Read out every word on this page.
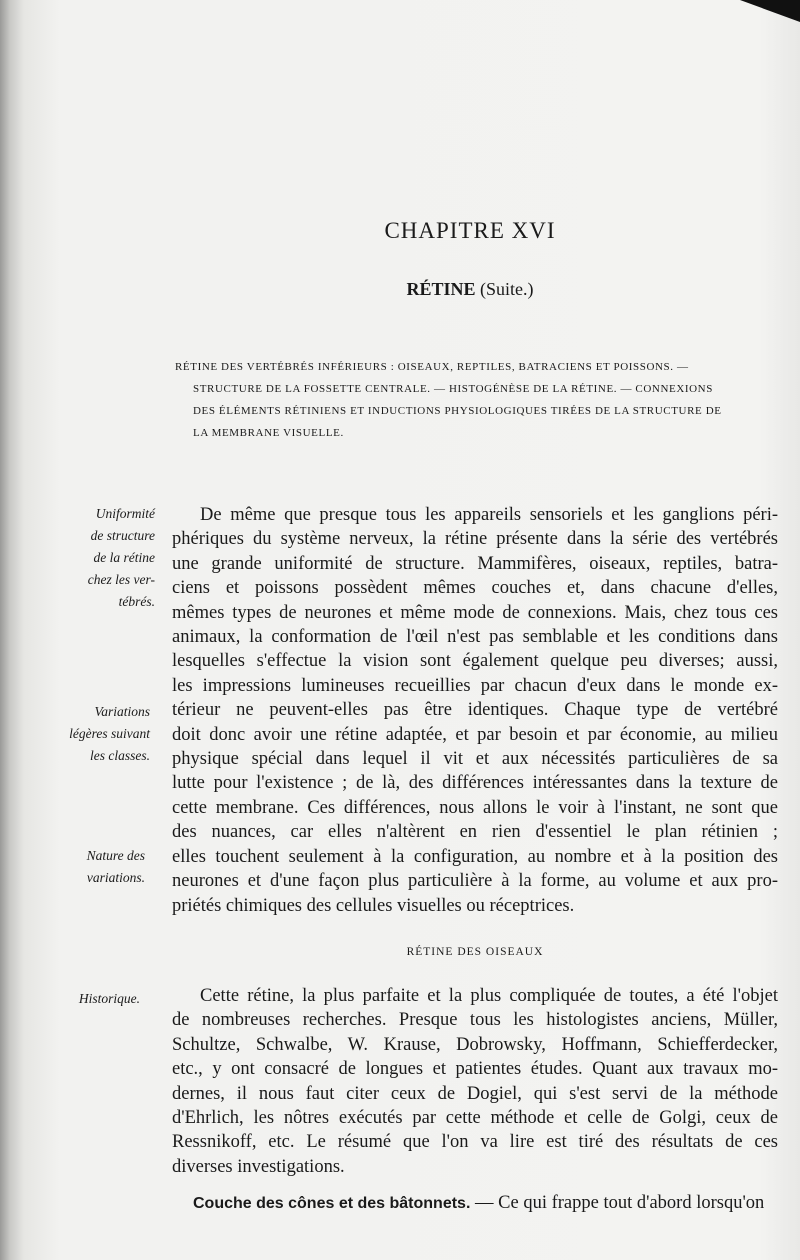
CHAPITRE XVI
RÉTINE (Suite.)
RÉTINE DES VERTÉBRÉS INFÉRIEURS : OISEAUX, REPTILES, BATRACIENS ET POISSONS. —
STRUCTURE DE LA FOSSETTE CENTRALE. — HISTOGÉNÈSE DE LA RÉTINE. — CONNEXIONS
DES ÉLÉMENTS RÉTINIENS ET INDUCTIONS PHYSIOLOGIQUES TIRÉES DE LA STRUCTURE DE
LA MEMBRANE VISUELLE.
Uniformité
de structure
de la rétine
chez les ver-
tébrés.
Variations
légères suivant
les classes.
Nature des
variations.
Historique.
De même que presque tous les appareils sensoriels et les ganglions péri-
phériques du système nerveux, la rétine présente dans la série des vertébrés
une grande uniformité de structure. Mammifères, oiseaux, reptiles, batra-
ciens et poissons possèdent mêmes couches et, dans chacune d'elles,
mêmes types de neurones et même mode de connexions. Mais, chez tous ces
animaux, la conformation de l'œil n'est pas semblable et les conditions dans
lesquelles s'effectue la vision sont également quelque peu diverses; aussi,
les impressions lumineuses recueillies par chacun d'eux dans le monde ex-
térieur ne peuvent-elles pas être identiques. Chaque type de vertébré
doit donc avoir une rétine adaptée, et par besoin et par économie, au milieu
physique spécial dans lequel il vit et aux nécessités particulières de sa
lutte pour l'existence ; de là, des différences intéressantes dans la texture de
cette membrane. Ces différences, nous allons le voir à l'instant, ne sont que
des nuances, car elles n'altèrent en rien d'essentiel le plan rétinien ;
elles touchent seulement à la configuration, au nombre et à la position des
neurones et d'une façon plus particulière à la forme, au volume et aux pro-
priétés chimiques des cellules visuelles ou réceptrices.
RÉTINE DES OISEAUX
Cette rétine, la plus parfaite et la plus compliquée de toutes, a été l'objet
de nombreuses recherches. Presque tous les histologistes anciens, Müller,
Schultze, Schwalbe, W. Krause, Dobrowsky, Hoffmann, Schiefferdecker,
etc., y ont consacré de longues et patientes études. Quant aux travaux mo-
dernes, il nous faut citer ceux de Dogiel, qui s'est servi de la méthode
d'Ehrlich, les nôtres exécutés par cette méthode et celle de Golgi, ceux de
Ressnikoff, etc. Le résumé que l'on va lire est tiré des résultats de ces
diverses investigations.
Couche des cônes et des bâtonnets. — Ce qui frappe tout d'abord lorsqu'on
